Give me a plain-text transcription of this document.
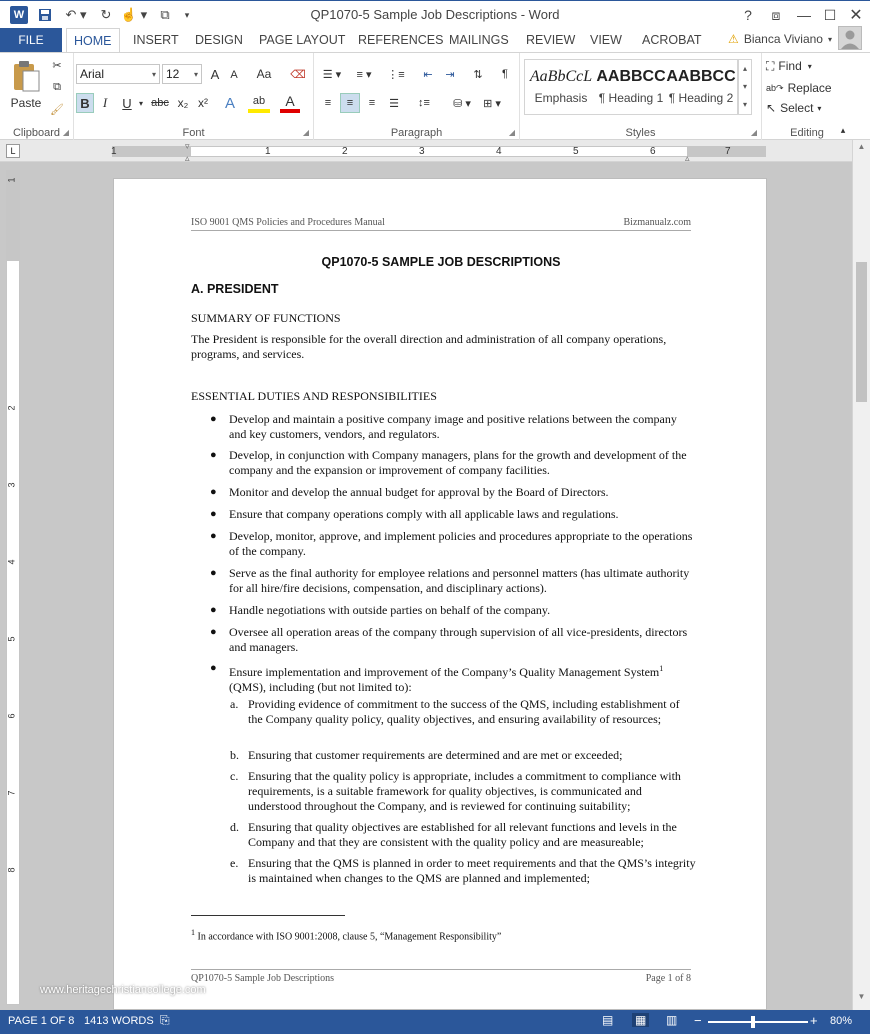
W	↶ ▾	↻ ☝ ▾	⧉	▾	QP1070-5 Sample Job Descriptions - Word	?	⧈	— ☐ ✕
FILE	HOME	INSERT DESIGN PAGE LAYOUT REFERENCES MAILINGS REVIEW VIEW ACROBAT ⚠ Bianca Viviano ▾
Paste
✂
⧉
🖌
Clipboard ◢
Arial	▾ 12 ▾ A	A	Aa	⌫
B	I	U ▾ abc x₂ x²	A	ab	A
Font	◢
☰ ▾	≡ ▾	⋮≡	⇤	⇥	⇅	¶
≡	≡	≡	☰	↕≡	⛁ ▾	⊞ ▾
Paragraph	◢
AaBbCcL
Emphasis
AABBCC
¶ Heading 1
AABBCC
¶ Heading 2
▴
▾
▾
Styles	◢
⛶ Find ▾
ab↷ Replace
↖ Select ▾
Editing	▴
L	1	1	2	3	4	5	6	7
▿
▵	▵
1
2
3
4
5
6
7
8
▲
▼
ISO 9001 QMS Policies and Procedures Manual	Bizmanualz.com
QP1070-5 SAMPLE JOB DESCRIPTIONS
A. PRESIDENT
SUMMARY OF FUNCTIONS
The President is responsible for the overall direction and administration of all company operations, programs, and services.
ESSENTIAL DUTIES AND RESPONSIBILITIES
● Develop and maintain a positive company image and positive relations between the company and key customers, vendors, and regulators.
● Develop, in conjunction with Company managers, plans for the growth and development of the company and the expansion or improvement of company facilities.
● Monitor and develop the annual budget for approval by the Board of Directors.
● Ensure that company operations comply with all applicable laws and regulations.
● Develop, monitor, approve, and implement policies and procedures appropriate to the operations of the company.
● Serve as the final authority for employee relations and personnel matters (has ultimate authority for all hire/fire decisions, compensation, and disciplinary actions).
● Handle negotiations with outside parties on behalf of the company.
● Oversee all operation areas of the company through supervision of all vice-presidents, directors and managers.
● Ensure implementation and improvement of the Company’s Quality Management System$^1$ (QMS), including (but not limited to):
a. Providing evidence of commitment to the success of the QMS, including establishment of the Company quality policy, quality objectives, and ensuring availability of resources;
b. Ensuring that customer requirements are determined and are met or exceeded;
c. Ensuring that the quality policy is appropriate, includes a commitment to compliance with requirements, is a suitable framework for quality objectives, is communicated and understood throughout the Company, and is reviewed for continuing suitability;
d. Ensuring that quality objectives are established for all relevant functions and levels in the Company and that they are consistent with the quality policy and are measureable;
e. Ensuring that the QMS is planned in order to meet requirements and that the QMS’s integrity is maintained when changes to the QMS are planned and implemented;
$^1$ In accordance with ISO 9001:2008, clause 5, “Management Responsibility”
QP1070-5 Sample Job Descriptions	Page 1 of 8
www.heritagechristiancollege.com
PAGE 1 OF 8 1413 WORDS ⎘	▤ ▦ ▥ −	+ 80%
